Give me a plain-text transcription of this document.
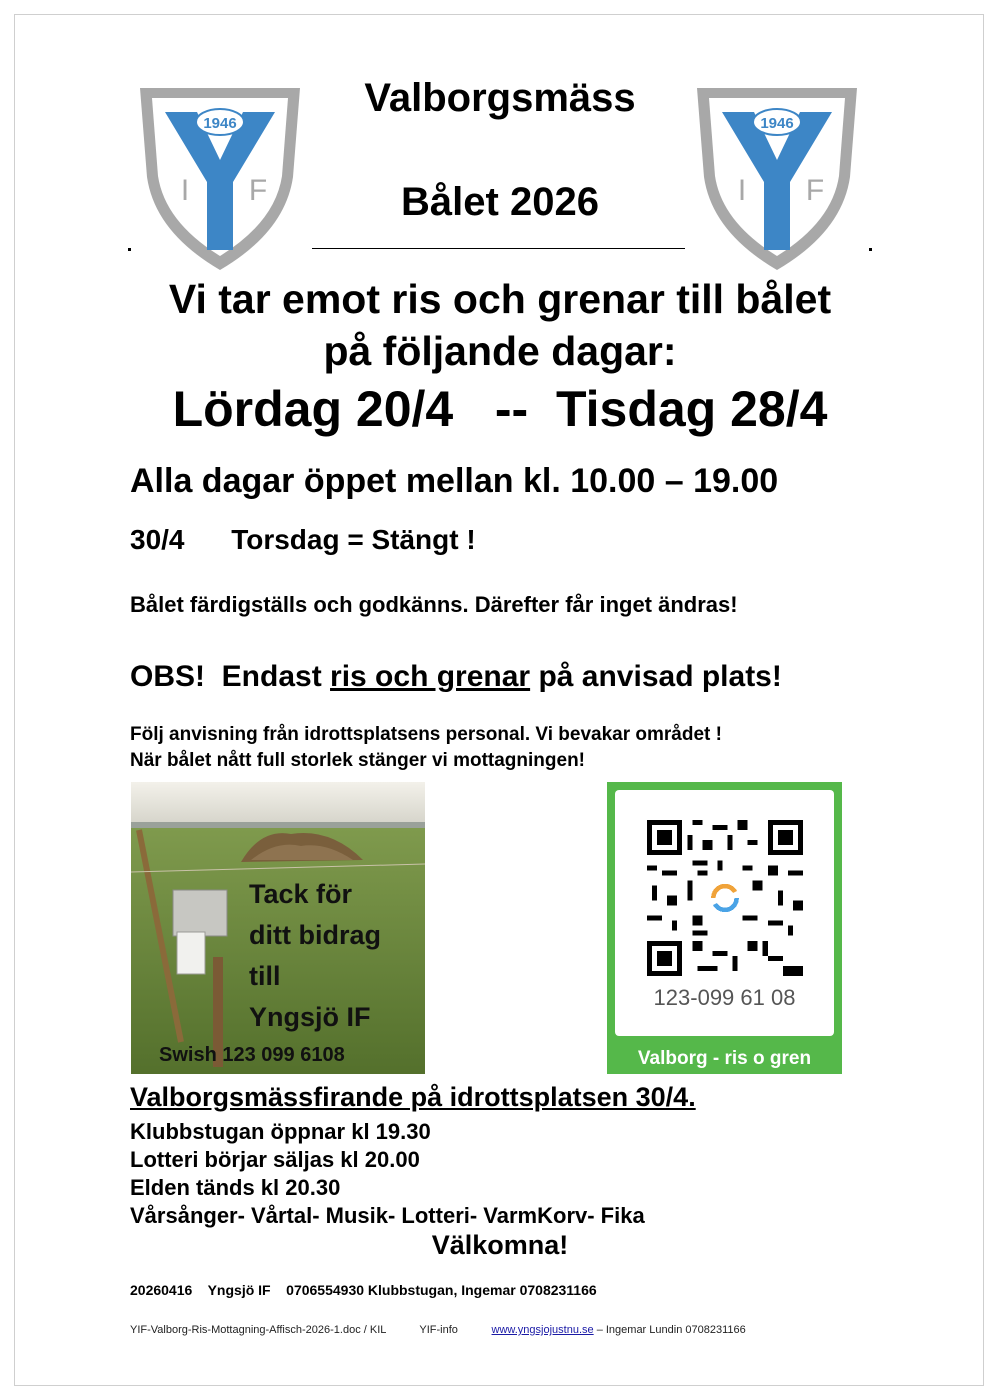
1946
I F
1946
I F
Valborgsmäss
Bålet 2026
Vi tar emot ris och grenar till bålet
på följande dagar:
Lördag 20/4   --  Tisdag 28/4
Alla dagar öppet mellan kl. 10.00 – 19.00
30/4 Torsdag = Stängt !
Bålet färdigställs och godkänns. Därefter får inget ändras!
OBS!  Endast ris och grenar på anvisad plats!
Följ anvisning från idrottsplatsens personal. Vi bevakar området !
När bålet nått full storlek stänger vi mottagningen!
Tack för
ditt bidrag
till
Yngsjö IF
Swish 123 099 6108
123-099 61 08
Valborg - ris o gren
Valborgsmässfirande på idrottsplatsen 30/4.
Klubbstugan öppnar kl 19.30
Lotteri börjar säljas kl 20.00
Elden tänds kl 20.30
Vårsånger- Vårtal- Musik- Lotteri- VarmKorv- Fika
Välkomna!
20260416    Yngsjö IF    0706554930 Klubbstugan, Ingemar 0708231166
YIF-Valborg-Ris-Mottagning-Affisch-2026-1.doc / KIL	YIF-info	www.yngsjojustnu.se – Ingemar Lundin 0708231166
